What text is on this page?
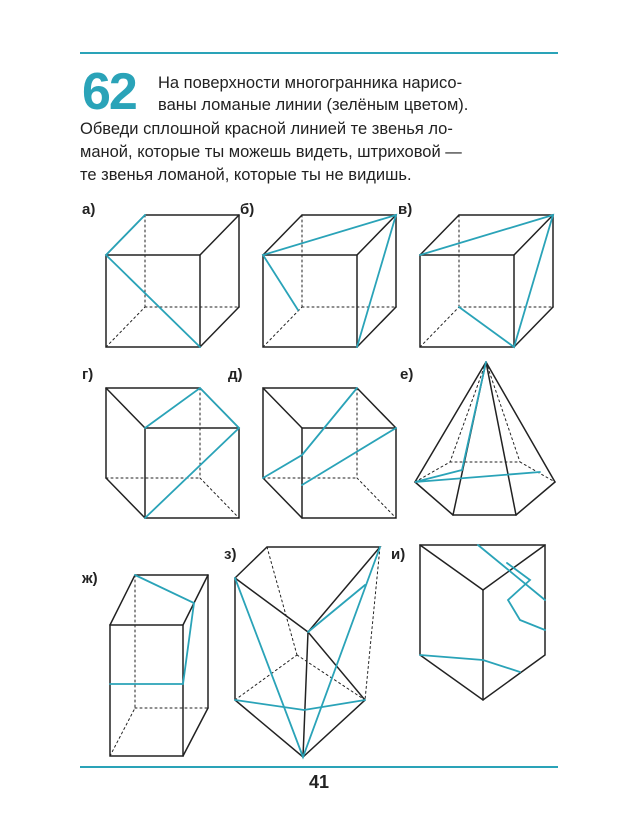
62 На поверхности многогранника нарисо-
ваны ломаные линии (зелёным цветом).
Обведи сплошной красной линией те звенья ло-
маной, которые ты можешь видеть, штриховой —
те звенья ломаной, которые ты не видишь.
а)	б)	в)
г)	д)	е)
ж)
з)	и)
41
